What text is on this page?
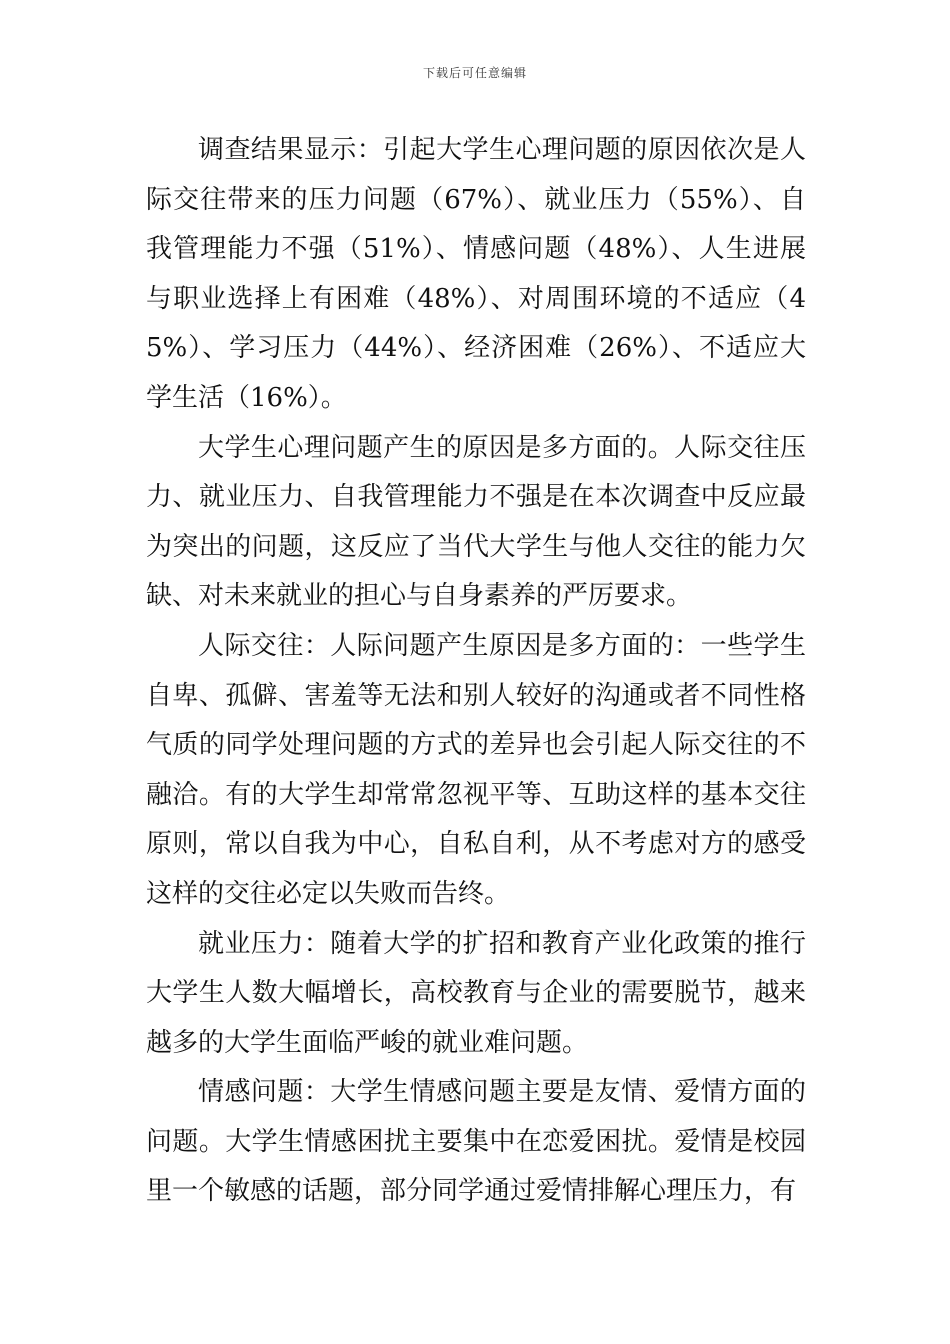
下载后可任意编辑

调查结果显示：引起大学生心理问题的原因依次是人际交往带来的压力问题（67%）、就业压力（55%）、自我管理能力不强（51%）、情感问题（48%）、人生进展与职业选择上有困难（48%）、对周围环境的不适应（45%）、学习压力（44%）、经济困难（26%）、不适应大学生活（16%）。

大学生心理问题产生的原因是多方面的。人际交往压力、就业压力、自我管理能力不强是在本次调查中反应最为突出的问题，这反应了当代大学生与他人交往的能力欠缺、对未来就业的担心与自身素养的严厉要求。

人际交往：人际问题产生原因是多方面的：一些学生自卑、孤僻、害羞等无法和别人较好的沟通或者不同性格气质的同学处理问题的方式的差异也会引起人际交往的不融洽。有的大学生却常常忽视平等、互助这样的基本交往原则，常以自我为中心，自私自利，从不考虑对方的感受这样的交往必定以失败而告终。

就业压力：随着大学的扩招和教育产业化政策的推行大学生人数大幅增长，高校教育与企业的需要脱节，越来越多的大学生面临严峻的就业难问题。

情感问题：大学生情感问题主要是友情、爱情方面的问题。大学生情感困扰主要集中在恋爱困扰。爱情是校园里一个敏感的话题，部分同学通过爱情排解心理压力，有
